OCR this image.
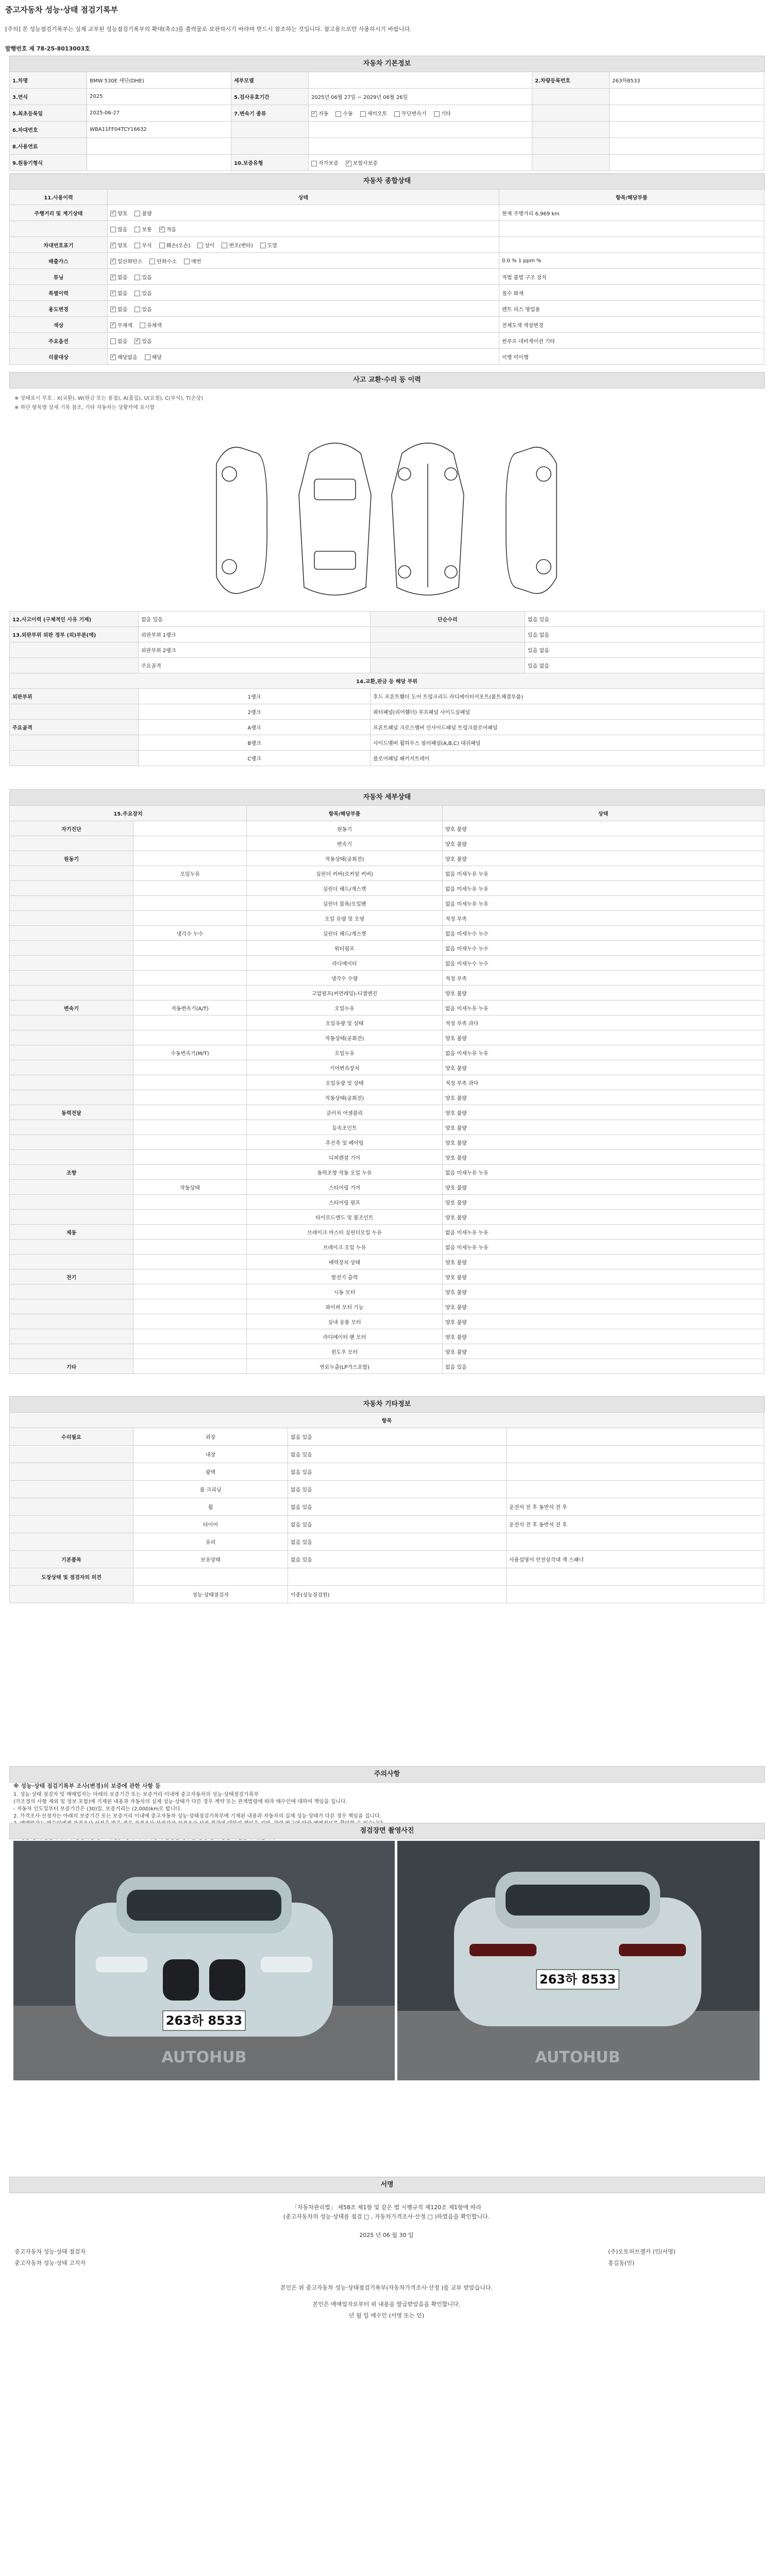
중고자동차 성능·상태 점검기록부
[주의] 본 성능점검기록부는 실제 교부된 성능점검기록부의 확대(축소)를 출력물로 보관하시기 바라며 반드시 참조하는 것입니다. 참고용으로만 사용하시기 바랍니다.
발행번호 제 78-25-8013003호
자동차 기본정보
1.차명	BMW 530E 세단(DHE)	세부모델		2.차량등록번호	263하8533
3.연식	2025	5.검사유효기간	2025년 06월 27일 ~ 2029년 06월 26일		
5.최초등록일	2025-06-27	7.변속기 종류	✓자동 수동 세미오토 무단변속기 기타		
6.차대번호	WBA11FF04TCY16632				
8.사용연료					
9.원동기형식		10.보증유형	자가보증 ✓ 보험사보증		
자동차 종합상태
11.사용이력	상태	항목/해당부품
주행거리 및 계기상태	✓양호 불량	현재 주행거리 6,969 km
	많음 보통 ✓ 적음	
차대번호표기	✓양호 부식 훼손(오손) 상이 변조(변타) 도말	
배출가스	✓일산화탄소 탄화수소 매연	0.0 % 1 ppm %
튜닝	✓없음 있음	적법 불법 구조 장치
특별이력	✓없음 있음	침수 화재
용도변경	✓없음 있음	렌트 리스 영업용
색상	✓무채색 유채색	전체도색 색상변경
주요옵션	없음 ✓ 있음	썬루프 네비게이션 기타
리콜대상	✓해당없음 해당	이행 미이행
사고 교환·수리 등 이력
※ 상태표시 부호 : X(교환), W(판금 또는 용접), A(흠집), U(요철), C(부식), T(손상)
※ 하단 항목별 상세 기록 참조, 기타 자동차는 상황카에 표시함
12.사고이력 (구체적인 사유 기재)	없음 있음	단순수리	없음 있음
13.외판부위 외판 정부 (외)부분(에)	외판부위 1랭크		있음 없음
	외판부위 2랭크		있음 없음
	주요골격		있음 없음
14.교환,판금 등 해당 부위			
외판부위	1랭크	후드 프론트휀더 도어 트렁크리드 라디에이터서포트(볼트체결부품)	
	2랭크	쿼터패널(리어휀더) 루프패널 사이드실패널	
주요골격	A랭크	프론트패널 크로스멤버 인사이드패널 트렁크플로어패널	
	B랭크	사이드멤버 휠하우스 필러패널(A,B,C) 대쉬패널	
	C랭크	플로어패널 패키지트레이	
자동차 세부상태
15.주요장치		항목/해당부품	상태
자기진단		원동기	양호 불량
		변속기	양호 불량
원동기		작동상태(공회전)	양호 불량
	오일누유	실린더 커버(로커암 커버)	없음 미세누유 누유
		실린더 헤드/개스켓	없음 미세누유 누유
		실린더 블록/오일팬	없음 미세누유 누유
		오일 유량 및 오염	적정 부족
	냉각수 누수	실린더 헤드/개스켓	없음 미세누수 누수
		워터펌프	없음 미세누수 누수
		라디에이터	없음 미세누수 누수
		냉각수 수량	적정 부족
		고압펌프(커먼레일)-디젤엔진	양호 불량
변속기	자동변속기(A/T)	오일누유	없음 미세누유 누유
		오일유량 및 상태	적정 부족 과다
		작동상태(공회전)	양호 불량
	수동변속기(M/T)	오일누유	없음 미세누유 누유
		기어변속장치	양호 불량
		오일유량 및 상태	적정 부족 과다
		작동상태(공회전)	양호 불량
동력전달		클러치 어셈블리	양호 불량
		등속조인트	양호 불량
		추진축 및 베어링	양호 불량
		디퍼렌셜 기어	양호 불량
조향		동력조향 작동 오일 누유	없음 미세누유 누유
	작동상태	스티어링 기어	양호 불량
		스티어링 펌프	양호 불량
		타이로드엔드 및 볼조인트	양호 불량
제동		브레이크 마스터 실린더오일 누유	없음 미세누유 누유
		브레이크 오일 누유	없음 미세누유 누유
		배력장치 상태	양호 불량
전기		발전기 출력	양호 불량
		시동 모터	양호 불량
		와이퍼 모터 기능	양호 불량
		실내 송풍 모터	양호 불량
		라디에이터 팬 모터	양호 불량
		윈도우 모터	양호 불량
기타		연료누출(LP가스포함)	없음 있음
자동차 기타정보
항목			
수리필요	외장	없음 있음	
	내장	없음 있음	
	광택	없음 있음	
	룸 크리닝	없음 있음	
	휠	없음 있음	운전석 전 후 동반석 전 후
	타이어	없음 있음	운전석 전 후 동반석 전 후
	유리	없음 있음	
기본품목	보유상태	없음 있음	사용설명서 안전삼각대 잭 스패너
도장상태 및 점검자의 의견			
	성능·상태점검자	이종(성능점검원)	
주의사항
※ 성능·상태 점검기록부 조사(변경)의 보증에 관한 사항 등
1. 성능·상태 점검자 및 매매업자는 아래의 보증기간 또는 보증거리 이내에 중고자동차의 성능·상태점검기록부
(가조정의 사항 제외 및 정보 포함)에 기재된 내용과 자동차의 실제 성능·상태가 다른 경우 계약 또는 관계법령에 따라 매수인에 대하여 책임을 집니다.
- 자동차 인도일부터 보증기간은 (30)일, 보증거리는 (2,000)km로 합니다.
2. 가격조사·산정자는 아래의 보증기간 또는 보증거리 이내에 중고자동차 성능·상태점검기록부에 기재된 내용과 자동차의 실제 성능·상태가 다른 경우 책임을 집니다.
점검장면 촬영사진
263하 8533
AUTOHUB
263하 8533
AUTOHUB
서명
「자동차관리법」 제58조 제1항 및 같은 법 시행규칙 제120조 제1항에 따라
(중고자동차의 성능·상태를 점검 □ , 자동차가격조사·산정 □ )하였음을 확인합니다.
2025 년 06 월 30 일
중고자동차 성능·상태 점검자	(주)오토허브셀카 (인/서명)
중고자동차 성능·상태 고지자	홍길동(인)
본인은 위 중고자동차 성능·상태점검기록부(자동차가격조사·산정 )를 교부 받았습니다.
본인은 매매업자로부터 위 내용을 발급받았음을 확인합니다.
년 월 일 매수인 (서명 또는 인)
